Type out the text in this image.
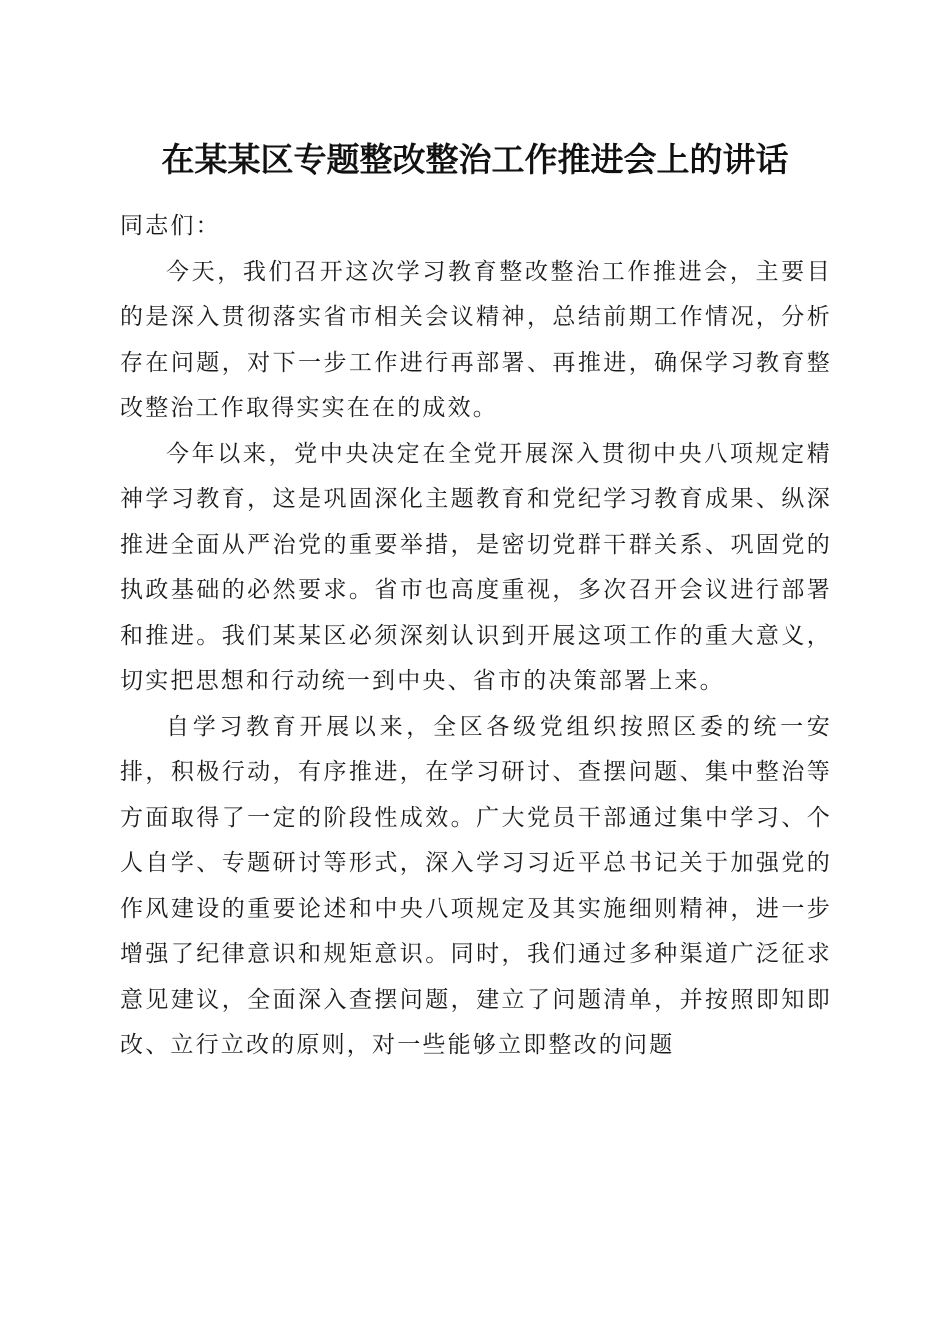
在某某区专题整改整治工作推进会上的讲话

同志们：

今天，我们召开这次学习教育整改整治工作推进会，主要目的是深入贯彻落实省市相关会议精神，总结前期工作情况，分析存在问题，对下一步工作进行再部署、再推进，确保学习教育整改整治工作取得实实在在的成效。

今年以来，党中央决定在全党开展深入贯彻中央八项规定精神学习教育，这是巩固深化主题教育和党纪学习教育成果、纵深推进全面从严治党的重要举措，是密切党群干群关系、巩固党的执政基础的必然要求。省市也高度重视，多次召开会议进行部署和推进。我们某某区必须深刻认识到开展这项工作的重大意义，切实把思想和行动统一到中央、省市的决策部署上来。

自学习教育开展以来，全区各级党组织按照区委的统一安排，积极行动，有序推进，在学习研讨、查摆问题、集中整治等方面取得了一定的阶段性成效。广大党员干部通过集中学习、个人自学、专题研讨等形式，深入学习习近平总书记关于加强党的作风建设的重要论述和中央八项规定及其实施细则精神，进一步增强了纪律意识和规矩意识。同时，我们通过多种渠道广泛征求意见建议，全面深入查摆问题，建立了问题清单，并按照即知即改、立行立改的原则，对一些能够立即整改的问题
